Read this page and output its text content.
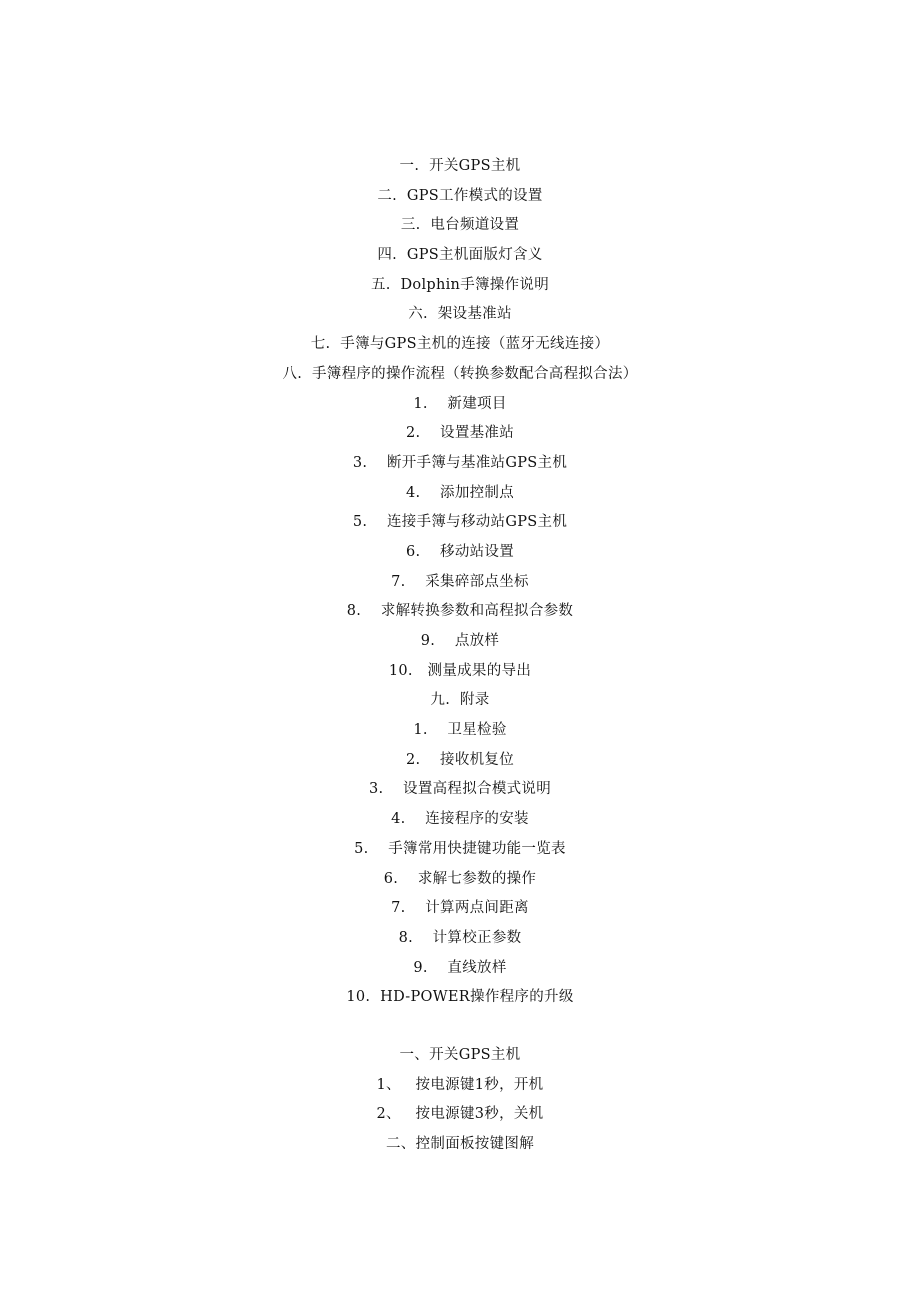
一.  开关GPS主机
二.  GPS工作模式的设置
三.  电台频道设置
四.  GPS主机面版灯含义
五.  Dolphin手簿操作说明
六.  架设基准站
七.  手簿与GPS主机的连接（蓝牙无线连接）
八.  手簿程序的操作流程（转换参数配合高程拟合法）
1.    新建项目
2.    设置基准站
3.    断开手簿与基准站GPS主机
4.    添加控制点
5.    连接手簿与移动站GPS主机
6.    移动站设置
7.    采集碎部点坐标
8.    求解转换参数和高程拟合参数
9.    点放样
10.   测量成果的导出
九.  附录
1.    卫星检验
2.    接收机复位
3.    设置高程拟合模式说明
4.    连接程序的安装
5.    手簿常用快捷键功能一览表
6.    求解七参数的操作
7.    计算两点间距离
8.    计算校正参数
9.    直线放样
10.  HD-POWER操作程序的升级
一、开关GPS主机
1、   按电源键1秒，开机
2、   按电源键3秒，关机
二、控制面板按键图解
